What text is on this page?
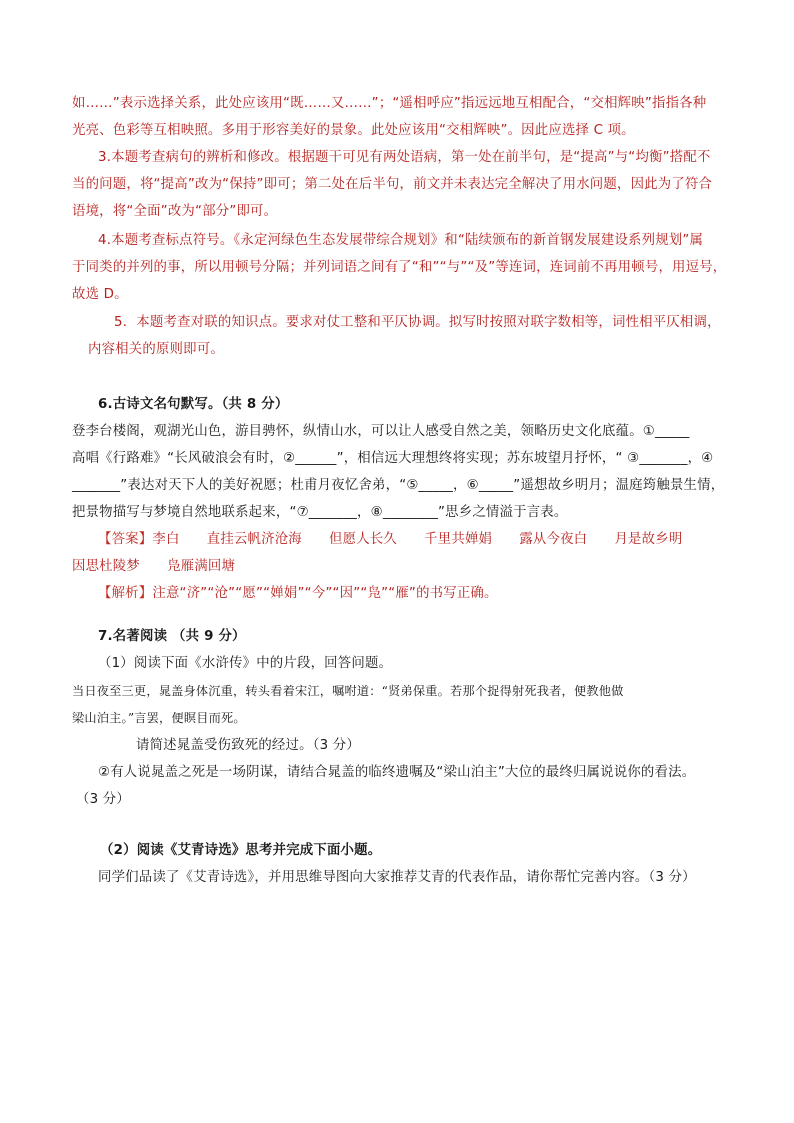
如……”表示选择关系，此处应该用“既……又……”；“遥相呼应”指远远地互相配合，“交相辉映”指指各种
光亮、色彩等互相映照。多用于形容美好的景象。此处应该用“交相辉映”。因此应选择 C 项。
3.本题考查病句的辨析和修改。根据题干可见有两处语病，第一处在前半句，是“提高”与“均衡”搭配不
当的问题，将“提高”改为“保持”即可；第二处在后半句，前文并未表达完全解决了用水问题，因此为了符合
语境，将“全面”改为“部分”即可。
4.本题考查标点符号。《永定河绿色生态发展带综合规划》和“陆续颁布的新首钢发展建设系列规划”属
于同类的并列的事，所以用顿号分隔；并列词语之间有了“和”“与”“及”等连词，连词前不再用顿号，用逗号，
故选 D。
5．本题考查对联的知识点。要求对仗工整和平仄协调。拟写时按照对联字数相等，词性相平仄相调，
内容相关的原则即可。
6.古诗文名句默写。（共 8 分）
登李台楼阁，观湖光山色，游目骋怀，纵情山水，可以让人感受自然之美，领略历史文化底蕴。①_____
高唱《行路难》“长风破浪会有时，②______”，相信远大理想终将实现；苏东坡望月抒怀，“ ③_______，④
_______”表达对天下人的美好祝愿；杜甫月夜忆舍弟，“⑤_____，⑥_____”遥想故乡明月；温庭筠触景生情，
把景物描写与梦境自然地联系起来，“⑦_______，⑧________”思乡之情溢于言表。
【答案】李白　　直挂云帆济沧海　　但愿人长久　　千里共婵娟　　露从今夜白　　月是故乡明
因思杜陵梦　　凫雁满回塘
【解析】注意“济”“沧”“愿”“婵娟”“今”“因”“凫”“雁”的书写正确。
7.名著阅读 （共 9 分）
（1）阅读下面《水浒传》中的片段，回答问题。
当日夜至三更，晁盖身体沉重，转头看着宋江，嘱咐道：“贤弟保重。若那个捉得射死我者，便教他做
梁山泊主。”言罢，便瞑目而死。
请简述晁盖受伤致死的经过。（3 分）
②有人说晁盖之死是一场阴谋，请结合晁盖的临终遗嘱及“梁山泊主”大位的最终归属说说你的看法。
（3 分）
（2）阅读《艾青诗选》思考并完成下面小题。
同学们品读了《艾青诗选》，并用思维导图向大家推荐艾青的代表作品，请你帮忙完善内容。（3 分）
